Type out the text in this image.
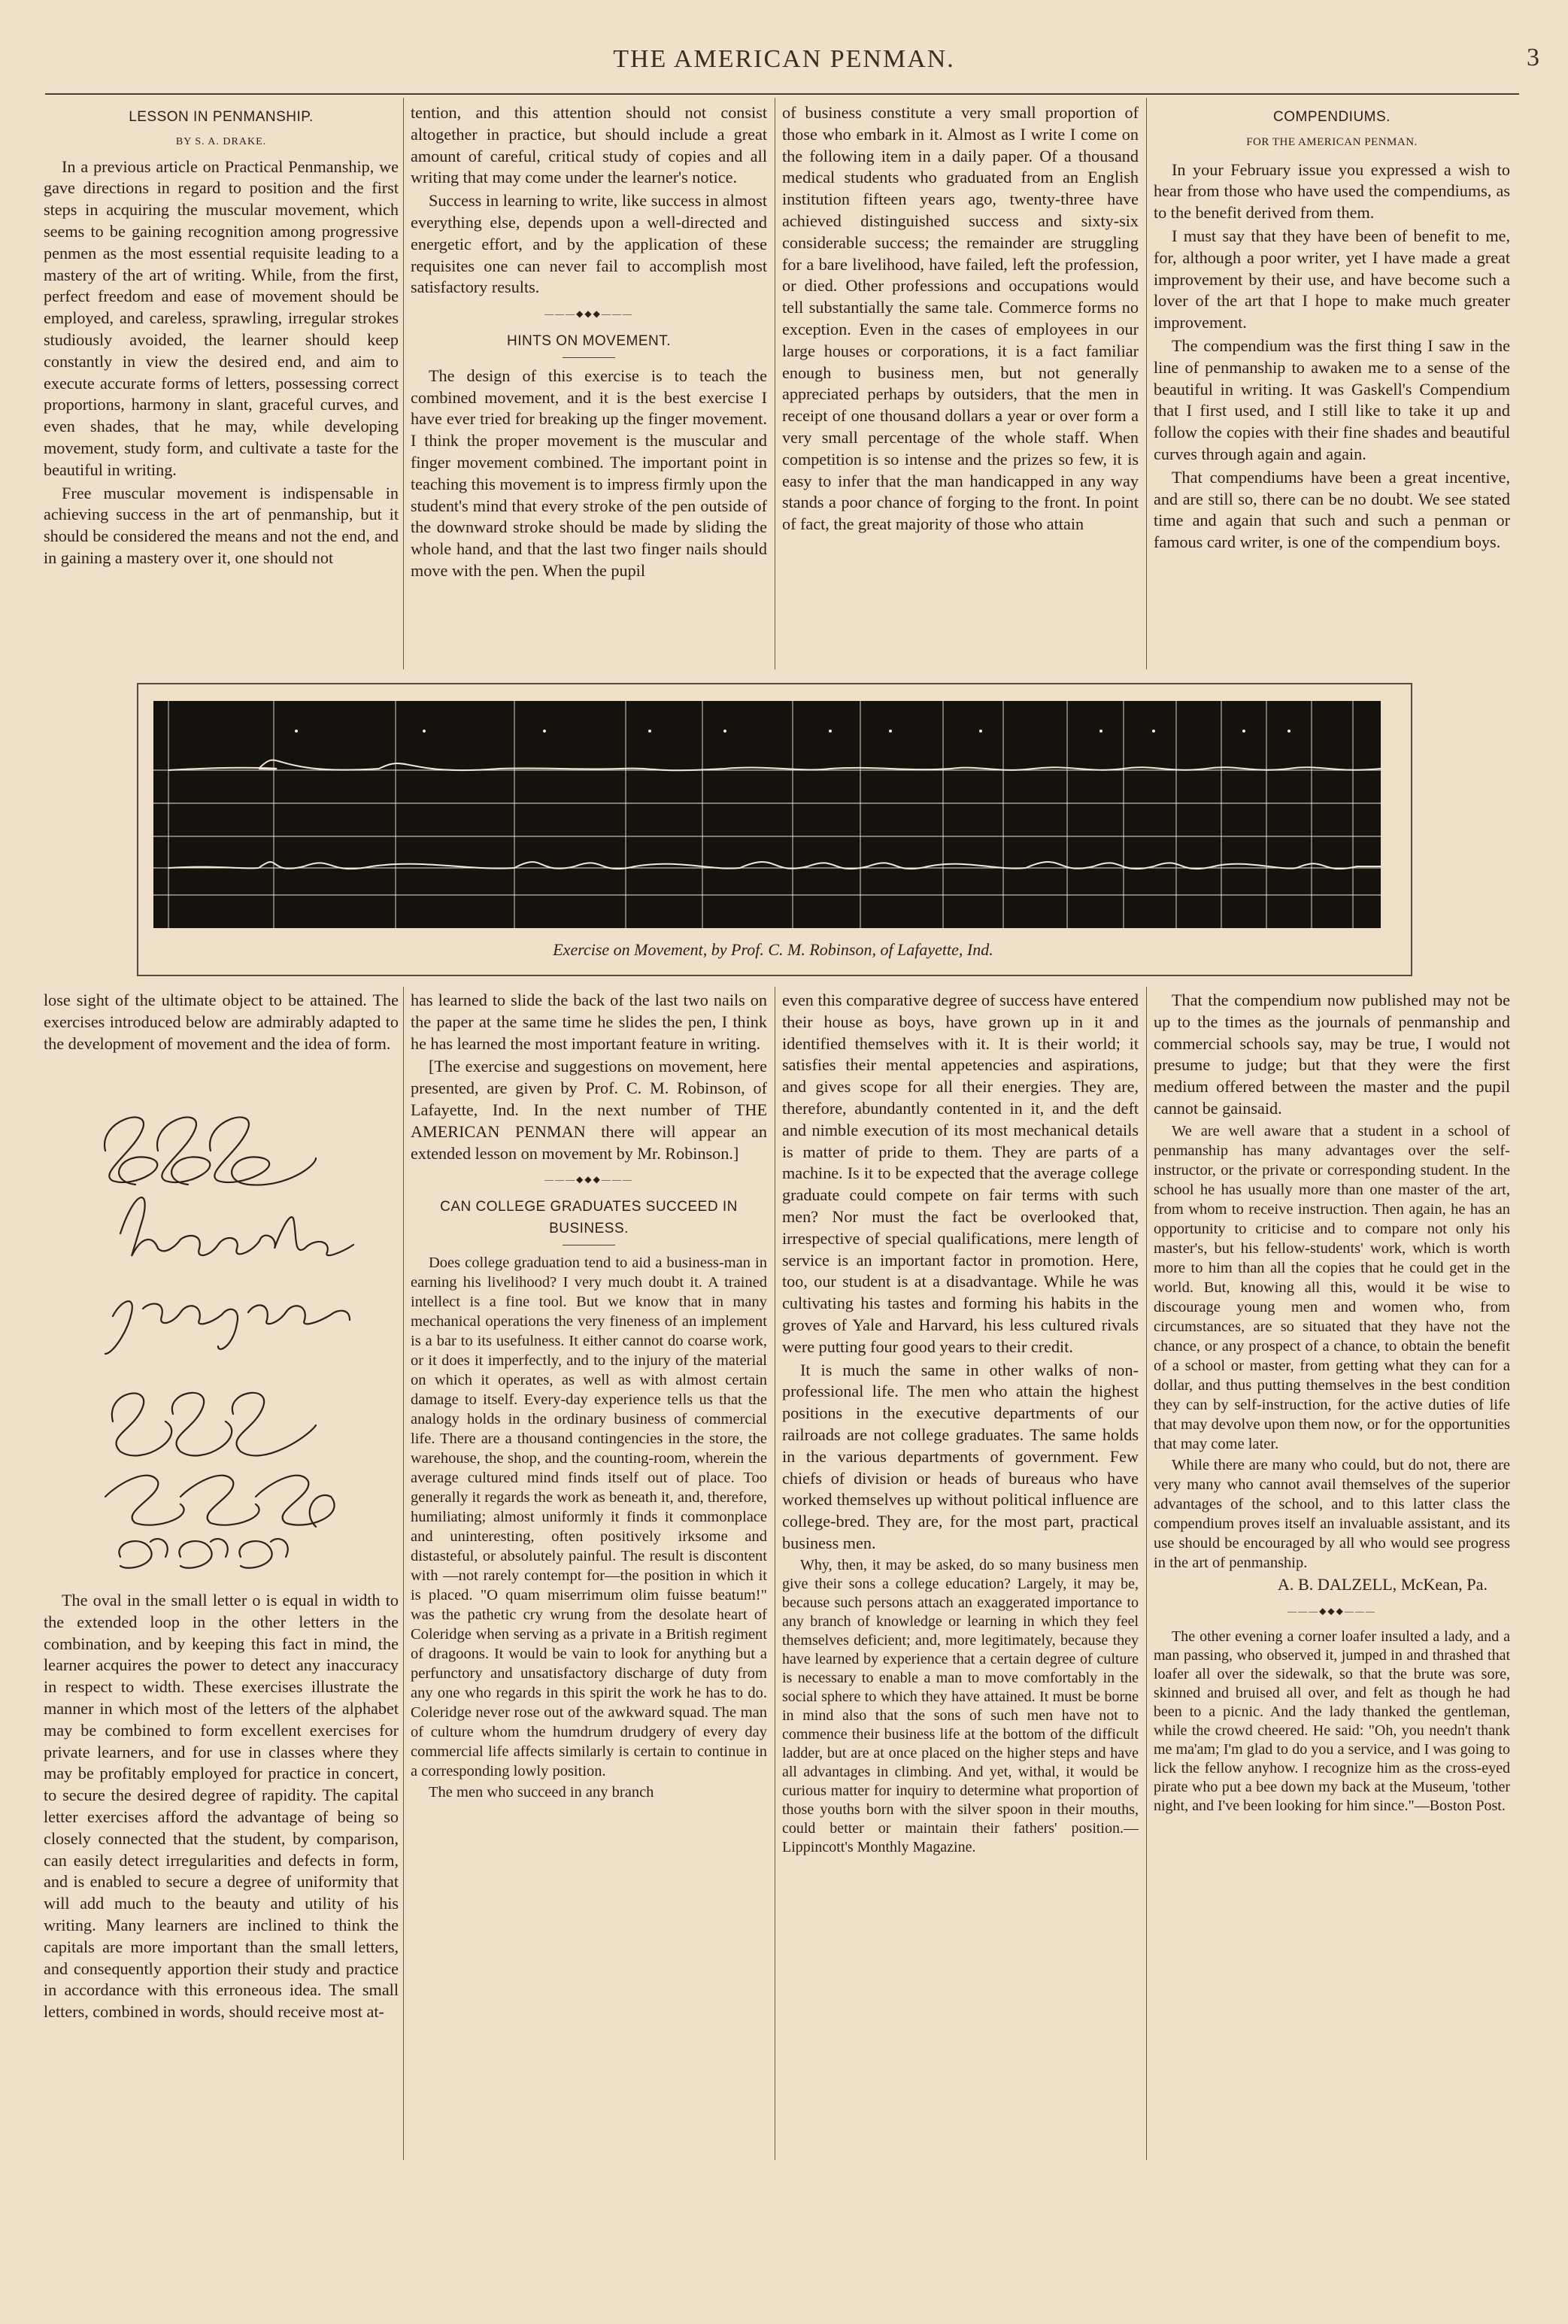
THE AMERICAN PENMAN.	3
LESSON IN PENMANSHIP.
BY S. A. DRAKE.

In a previous article on Practical Penmanship, we gave directions in regard to position and the first steps in acquiring the muscular movement, which seems to be gaining recognition among progressive penmen as the most essential requisite leading to a mastery of the art of writing. While, from the first, perfect freedom and ease of movement should be employed, and careless, sprawling, irregular strokes studiously avoided, the learner should keep constantly in view the desired end, and aim to execute accurate forms of letters, possessing correct proportions, harmony in slant, graceful curves, and even shades, that he may, while developing movement, study form, and cultivate a taste for the beautiful in writing.

Free muscular movement is indispensable in achieving success in the art of penmanship, but it should be considered the means and not the end, and in gaining a mastery over it, one should not

tention, and this attention should not consist altogether in practice, but should include a great amount of careful, critical study of copies and all writing that may come under the learner's notice.

Success in learning to write, like success in almost everything else, depends upon a well-directed and energetic effort, and by the application of these requisites one can never fail to accomplish most satisfactory results.

———◆◆◆———
HINTS ON MOVEMENT.

The design of this exercise is to teach the combined movement, and it is the best exercise I have ever tried for breaking up the finger movement. I think the proper movement is the muscular and finger movement combined. The important point in teaching this movement is to impress firmly upon the student's mind that every stroke of the pen outside of the downward stroke should be made by sliding the whole hand, and that the last two finger nails should move with the pen. When the pupil

of business constitute a very small proportion of those who embark in it. Almost as I write I come on the following item in a daily paper. Of a thousand medical students who graduated from an English institution fifteen years ago, twenty-three have achieved distinguished success and sixty-six considerable success; the remainder are struggling for a bare livelihood, have failed, left the profession, or died. Other professions and occupations would tell substantially the same tale. Commerce forms no exception. Even in the cases of employees in our large houses or corporations, it is a fact familiar enough to business men, but not generally appreciated perhaps by outsiders, that the men in receipt of one thousand dollars a year or over form a very small percentage of the whole staff. When competition is so intense and the prizes so few, it is easy to infer that the man handicapped in any way stands a poor chance of forging to the front. In point of fact, the great majority of those who attain

COMPENDIUMS.
FOR THE AMERICAN PENMAN.

In your February issue you expressed a wish to hear from those who have used the compendiums, as to the benefit derived from them.

I must say that they have been of benefit to me, for, although a poor writer, yet I have made a great improvement by their use, and have become such a lover of the art that I hope to make much greater improvement.

The compendium was the first thing I saw in the line of penmanship to awaken me to a sense of the beautiful in writing. It was Gaskell's Compendium that I first used, and I still like to take it up and follow the copies with their fine shades and beautiful curves through again and again.

That compendiums have been a great incentive, and are still so, there can be no doubt. We see stated time and again that such and such a penman or famous card writer, is one of the compendium boys.

Exercise on Movement, by Prof. C. M. Robinson, of Lafayette, Ind.

lose sight of the ultimate object to be attained. The exercises introduced below are admirably adapted to the development of movement and the idea of form.

The oval in the small letter o is equal in width to the extended loop in the other letters in the combination, and by keeping this fact in mind, the learner acquires the power to detect any inaccuracy in respect to width. These exercises illustrate the manner in which most of the letters of the alphabet may be combined to form excellent exercises for private learners, and for use in classes where they may be profitably employed for practice in concert, to secure the desired degree of rapidity. The capital letter exercises afford the advantage of being so closely connected that the student, by comparison, can easily detect irregularities and defects in form, and is enabled to secure a degree of uniformity that will add much to the beauty and utility of his writing. Many learners are inclined to think the capitals are more important than the small letters, and consequently apportion their study and practice in accordance with this erroneous idea. The small letters, combined in words, should receive most at-

has learned to slide the back of the last two nails on the paper at the same time he slides the pen, I think he has learned the most important feature in writing.

[The exercise and suggestions on movement, here presented, are given by Prof. C. M. Robinson, of Lafayette, Ind. In the next number of THE AMERICAN PENMAN there will appear an extended lesson on movement by Mr. Robinson.]

———◆◆◆———
CAN COLLEGE GRADUATES SUCCEED IN BUSINESS.

Does college graduation tend to aid a business-man in earning his livelihood? I very much doubt it. A trained intellect is a fine tool. But we know that in many mechanical operations the very fineness of an implement is a bar to its usefulness. It either cannot do coarse work, or it does it imperfectly, and to the injury of the material on which it operates, as well as with almost certain damage to itself. Every-day experience tells us that the analogy holds in the ordinary business of commercial life. There are a thousand contingencies in the store, the warehouse, the shop, and the counting-room, wherein the average cultured mind finds itself out of place. Too generally it regards the work as beneath it, and, therefore, humiliating; almost uniformly it finds it commonplace and uninteresting, often positively irksome and distasteful, or absolutely painful. The result is discontent with —not rarely contempt for—the position in which it is placed. "O quam miserrimum olim fuisse beatum!" was the pathetic cry wrung from the desolate heart of Coleridge when serving as a private in a British regiment of dragoons. It would be vain to look for anything but a perfunctory and unsatisfactory discharge of duty from any one who regards in this spirit the work he has to do. Coleridge never rose out of the awkward squad. The man of culture whom the humdrum drudgery of every day commercial life affects similarly is certain to continue in a corresponding lowly position.

The men who succeed in any branch

even this comparative degree of success have entered their house as boys, have grown up in it and identified themselves with it. It is their world; it satisfies their mental appetencies and aspirations, and gives scope for all their energies. They are, therefore, abundantly contented in it, and the deft and nimble execution of its most mechanical details is matter of pride to them. They are parts of a machine. Is it to be expected that the average college graduate could compete on fair terms with such men? Nor must the fact be overlooked that, irrespective of special qualifications, mere length of service is an important factor in promotion. Here, too, our student is at a disadvantage. While he was cultivating his tastes and forming his habits in the groves of Yale and Harvard, his less cultured rivals were putting four good years to their credit.

It is much the same in other walks of non-professional life. The men who attain the highest positions in the executive departments of our railroads are not college graduates. The same holds in the various departments of government. Few chiefs of division or heads of bureaus who have worked themselves up without political influence are college-bred. They are, for the most part, practical business men.

Why, then, it may be asked, do so many business men give their sons a college education? Largely, it may be, because such persons attach an exaggerated importance to any branch of knowledge or learning in which they feel themselves deficient; and, more legitimately, because they have learned by experience that a certain degree of culture is necessary to enable a man to move comfortably in the social sphere to which they have attained. It must be borne in mind also that the sons of such men have not to commence their business life at the bottom of the difficult ladder, but are at once placed on the higher steps and have all advantages in climbing. And yet, withal, it would be curious matter for inquiry to determine what proportion of those youths born with the silver spoon in their mouths, could better or maintain their fathers' position.—Lippincott's Monthly Magazine.

That the compendium now published may not be up to the times as the journals of penmanship and commercial schools say, may be true, I would not presume to judge; but that they were the first medium offered between the master and the pupil cannot be gainsaid.

We are well aware that a student in a school of penmanship has many advantages over the self-instructor, or the private or corresponding student. In the school he has usually more than one master of the art, from whom to receive instruction. Then again, he has an opportunity to criticise and to compare not only his master's, but his fellow-students' work, which is worth more to him than all the copies that he could get in the world. But, knowing all this, would it be wise to discourage young men and women who, from circumstances, are so situated that they have not the chance, or any prospect of a chance, to obtain the benefit of a school or master, from getting what they can for a dollar, and thus putting themselves in the best condition they can by self-instruction, for the active duties of life that may devolve upon them now, or for the opportunities that may come later.

While there are many who could, but do not, there are very many who cannot avail themselves of the superior advantages of the school, and to this latter class the compendium proves itself an invaluable assistant, and its use should be encouraged by all who would see progress in the art of penmanship.

A. B. DALZELL, McKean, Pa.

———◆◆◆———

The other evening a corner loafer insulted a lady, and a man passing, who observed it, jumped in and thrashed that loafer all over the sidewalk, so that the brute was sore, skinned and bruised all over, and felt as though he had been to a picnic. And the lady thanked the gentleman, while the crowd cheered. He said: "Oh, you needn't thank me ma'am; I'm glad to do you a service, and I was going to lick the fellow anyhow. I recognize him as the cross-eyed pirate who put a bee down my back at the Museum, 'tother night, and I've been looking for him since."—Boston Post.
